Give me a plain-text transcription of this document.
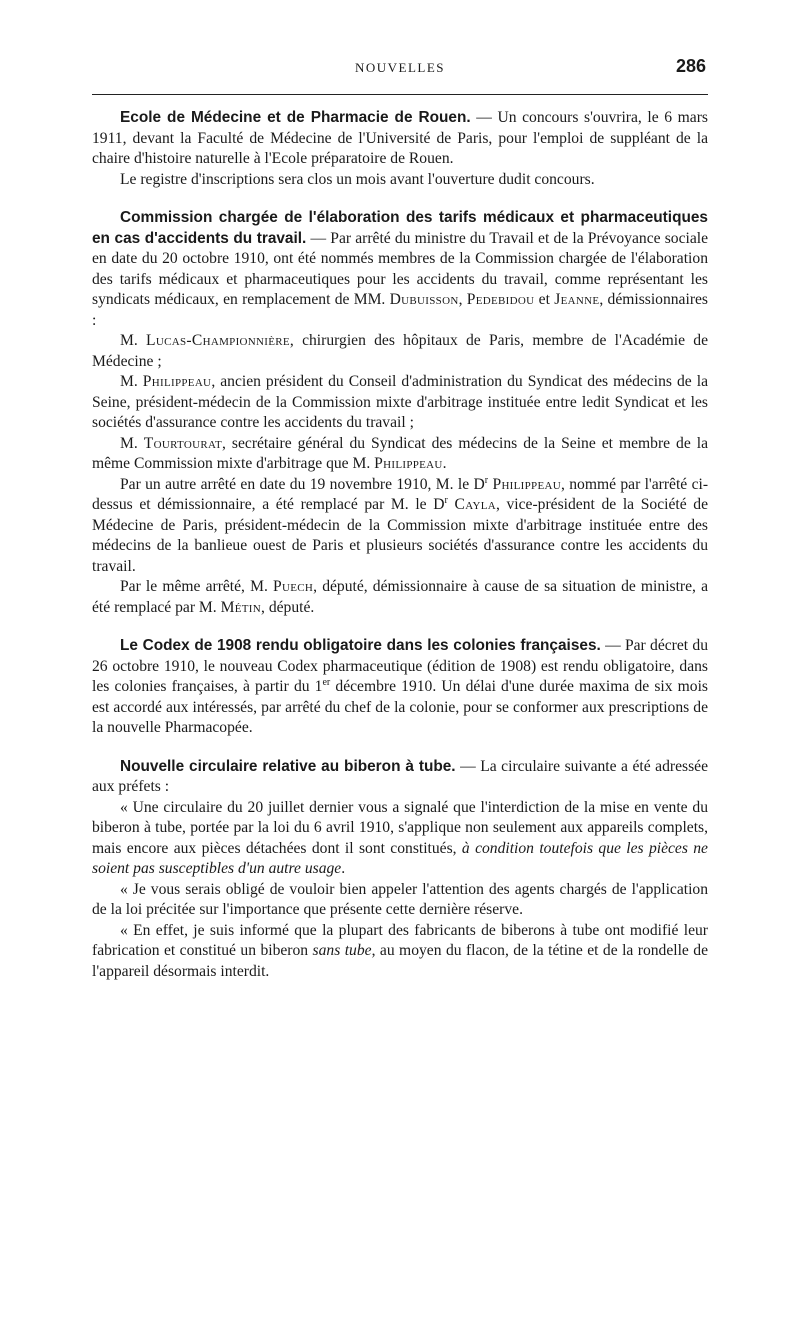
NOUVELLES	286

Ecole de Médecine et de Pharmacie de Rouen. — Un concours s'ouvrira, le 6 mars 1911, devant la Faculté de Médecine de l'Université de Paris, pour l'emploi de suppléant de la chaire d'histoire naturelle à l'Ecole préparatoire de Rouen.

Le registre d'inscriptions sera clos un mois avant l'ouverture dudit concours.

Commission chargée de l'élaboration des tarifs médicaux et pharmaceutiques en cas d'accidents du travail. — Par arrêté du ministre du Travail et de la Prévoyance sociale en date du 20 octobre 1910, ont été nommés membres de la Commission chargée de l'élaboration des tarifs médicaux et pharmaceutiques pour les accidents du travail, comme représentant les syndicats médicaux, en remplacement de MM. Dubuisson, Pedebidou et Jeanne, démissionnaires :

M. Lucas-Championnière, chirurgien des hôpitaux de Paris, membre de l'Académie de Médecine ;

M. Philippeau, ancien président du Conseil d'administration du Syndicat des médecins de la Seine, président-médecin de la Commission mixte d'arbitrage instituée entre ledit Syndicat et les sociétés d'assurance contre les accidents du travail ;

M. Tourtourat, secrétaire général du Syndicat des médecins de la Seine et membre de la même Commission mixte d'arbitrage que M. Philippeau.

Par un autre arrêté en date du 19 novembre 1910, M. le $D^r$ Philippeau, nommé par l'arrêté ci-dessus et démissionnaire, a été remplacé par M. le $D^r$ Cayla, vice-président de la Société de Médecine de Paris, président-médecin de la Commission mixte d'arbitrage instituée entre des médecins de la banlieue ouest de Paris et plusieurs sociétés d'assurance contre les accidents du travail.

Par le même arrêté, M. Puech, député, démissionnaire à cause de sa situation de ministre, a été remplacé par M. Métin, député.

Le Codex de 1908 rendu obligatoire dans les colonies françaises. — Par décret du 26 octobre 1910, le nouveau Codex pharmaceutique (édition de 1908) est rendu obligatoire, dans les colonies françaises, à partir du 1er décembre 1910. Un délai d'une durée maxima de six mois est accordé aux intéressés, par arrêté du chef de la colonie, pour se conformer aux prescriptions de la nouvelle Pharmacopée.

Nouvelle circulaire relative au biberon à tube. — La circulaire suivante a été adressée aux préfets :

« Une circulaire du 20 juillet dernier vous a signalé que l'interdiction de la mise en vente du biberon à tube, portée par la loi du 6 avril 1910, s'applique non seulement aux appareils complets, mais encore aux pièces détachées dont il sont constitués, à condition toutefois que les pièces ne soient pas susceptibles d'un autre usage.

« Je vous serais obligé de vouloir bien appeler l'attention des agents chargés de l'application de la loi précitée sur l'importance que présente cette dernière réserve.

« En effet, je suis informé que la plupart des fabricants de biberons à tube ont modifié leur fabrication et constitué un biberon sans tube, au moyen du flacon, de la tétine et de la rondelle de l'appareil désormais interdit.
